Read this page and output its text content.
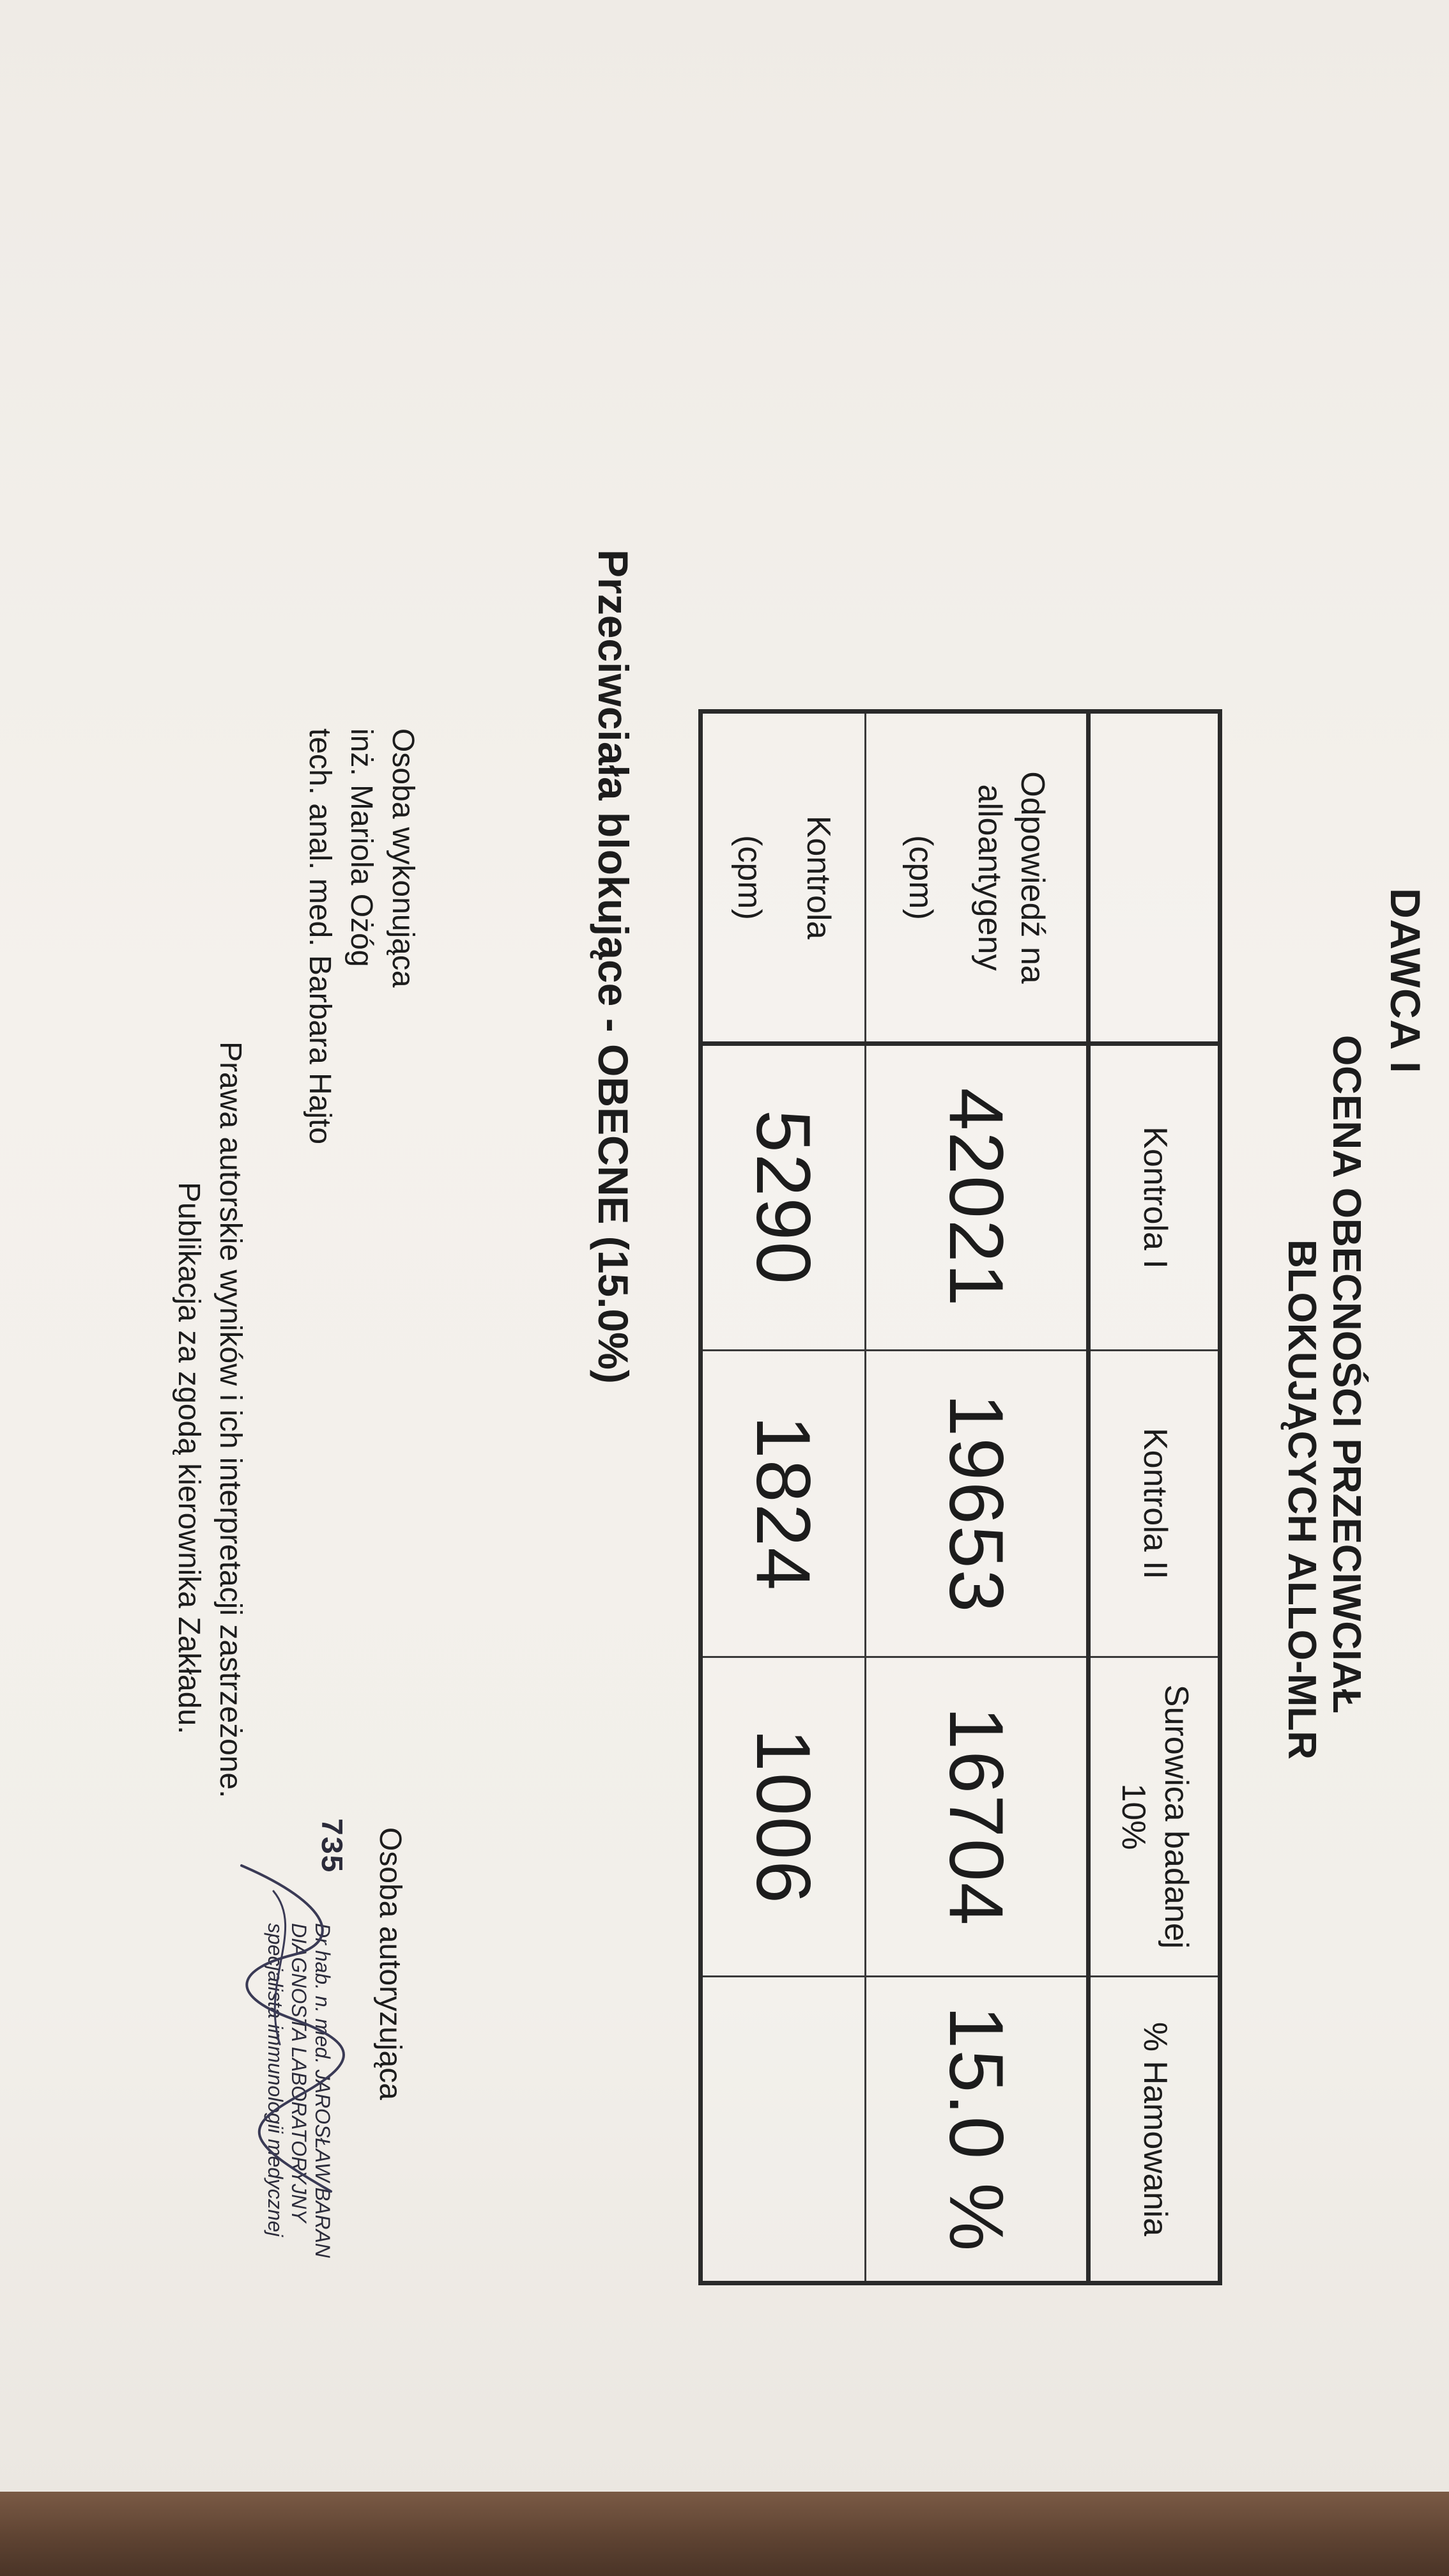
DAWCA I
OCENA OBECNOŚCI PRZECIWCIAŁ
BLOKUJĄCYCH ALLO-MLR

	Kontrola I	Kontrola II	Surowica badanej 10%	% Hamowania

Odpowiedź na
alloantygeny
(cpm)	42021	19653	16704	15.0 %

Kontrola
(cpm)	5290	1824	1006	
Przeciwciała blokujące - OBECNE (15.0%)
Osoba wykonująca
inż. Mariola Ożóg
tech. anal. med. Barbara Hajto
Osoba autoryzująca
735
Dr hab. n. med. JAROSŁAW BARAN
DIAGNOSTA LABORATORYJNY
specjalista immunologii medycznej
Prawa autorskie wyników i ich interpretacji zastrzeżone.
Publikacja za zgodą kierownika Zakładu.
